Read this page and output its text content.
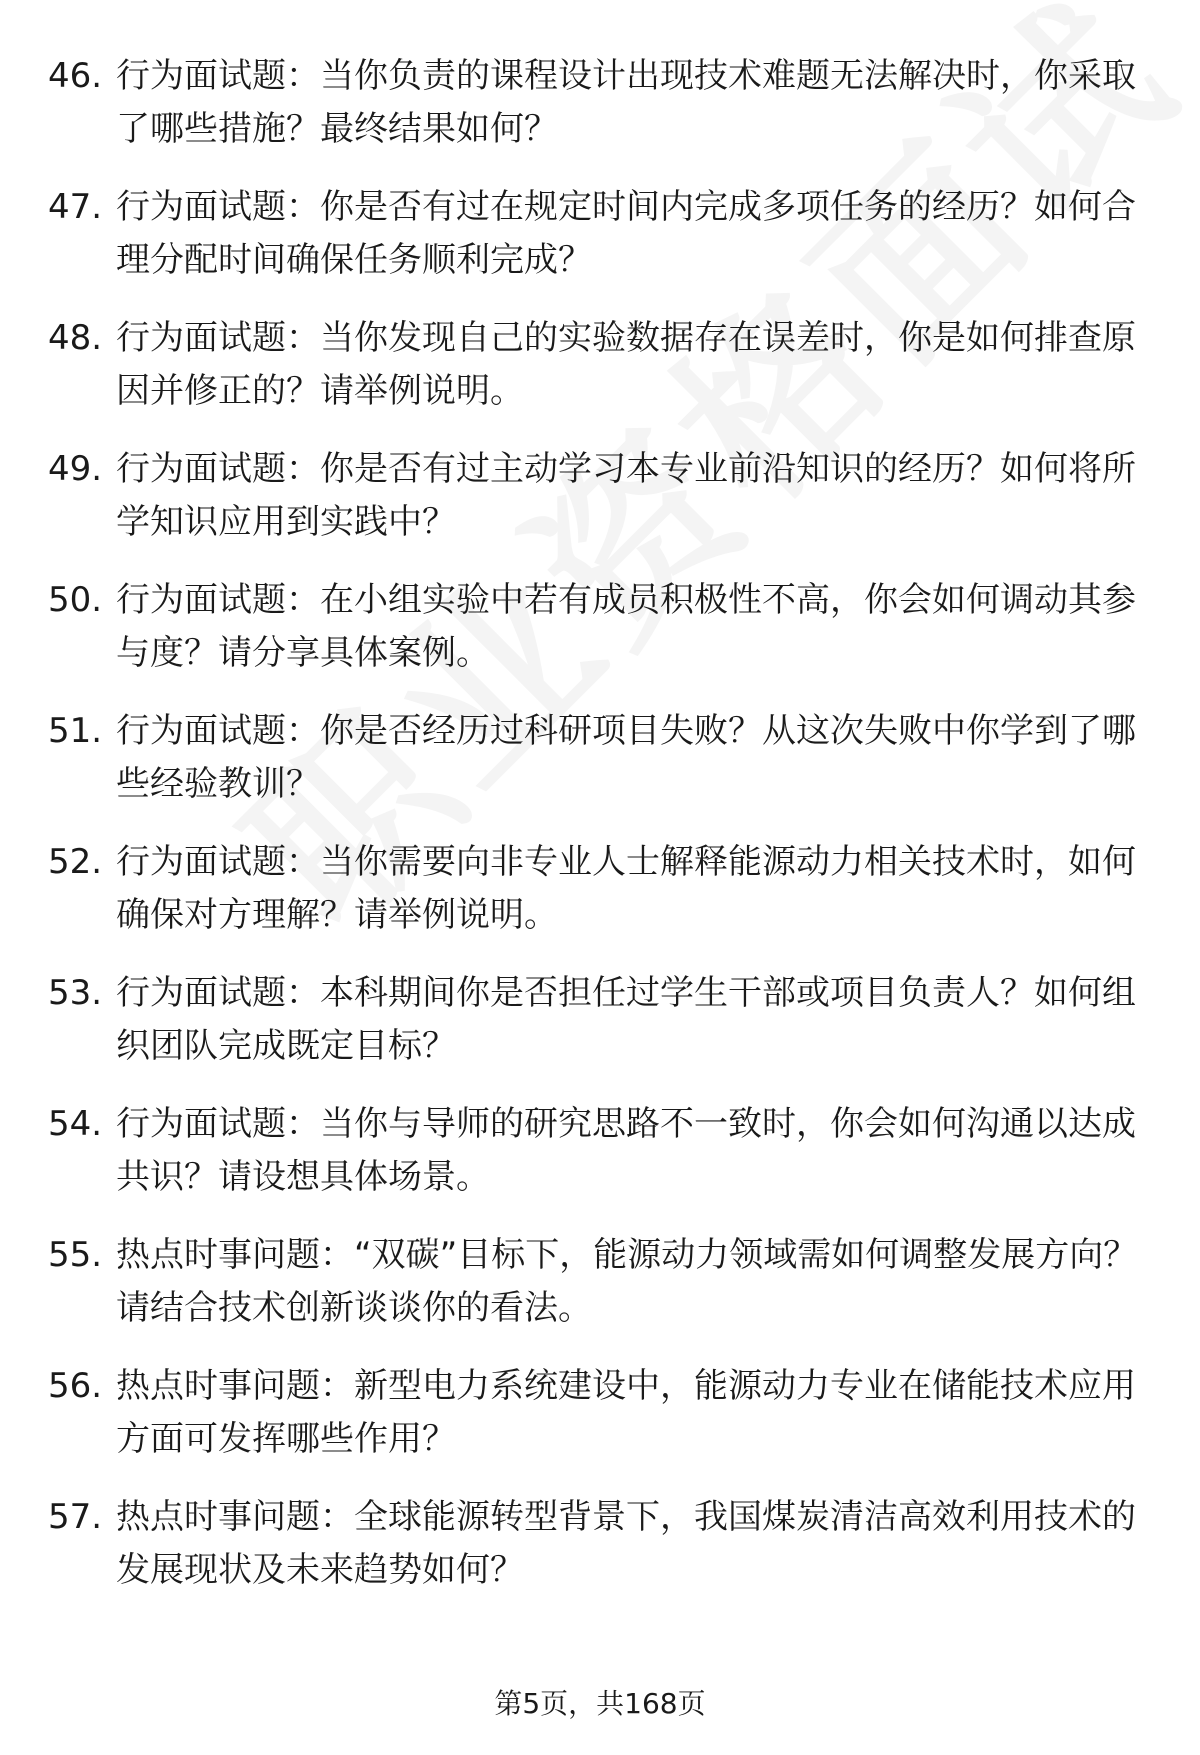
46. 行为面试题：当你负责的课程设计出现技术难题无法解决时，你采取了哪些措施？最终结果如何？
47. 行为面试题：你是否有过在规定时间内完成多项任务的经历？如何合理分配时间确保任务顺利完成？
48. 行为面试题：当你发现自己的实验数据存在误差时，你是如何排查原因并修正的？请举例说明。
49. 行为面试题：你是否有过主动学习本专业前沿知识的经历？如何将所学知识应用到实践中？
50. 行为面试题：在小组实验中若有成员积极性不高，你会如何调动其参与度？请分享具体案例。
51. 行为面试题：你是否经历过科研项目失败？从这次失败中你学到了哪些经验教训？
52. 行为面试题：当你需要向非专业人士解释能源动力相关技术时，如何确保对方理解？请举例说明。
53. 行为面试题：本科期间你是否担任过学生干部或项目负责人？如何组织团队完成既定目标？
54. 行为面试题：当你与导师的研究思路不一致时，你会如何沟通以达成共识？请设想具体场景。
55. 热点时事问题：“双碳”目标下，能源动力领域需如何调整发展方向？请结合技术创新谈谈你的看法。
56. 热点时事问题：新型电力系统建设中，能源动力专业在储能技术应用方面可发挥哪些作用？
57. 热点时事问题：全球能源转型背景下，我国煤炭清洁高效利用技术的发展现状及未来趋势如何？
第5页，共168页
